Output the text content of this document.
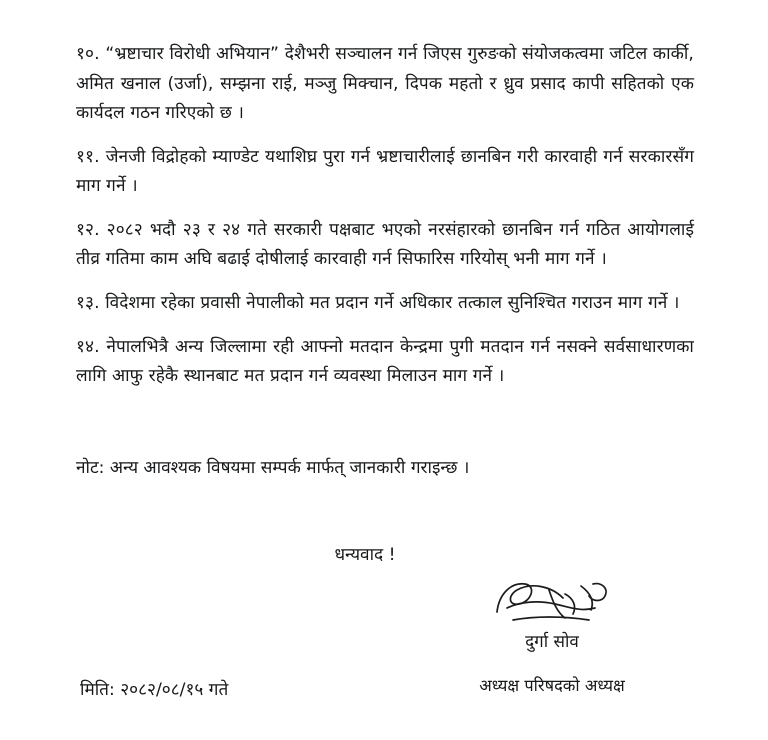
१०. “भ्रष्टाचार विरोधी अभियान” देशैभरी सञ्चालन गर्न जिएस गुरुङको संयोजकत्वमा जटिल कार्की, अमित खनाल (उर्जा), सम्झना राई, मञ्जु मिक्चान, दिपक महतो र ध्रुव प्रसाद कापी सहितको एक कार्यदल गठन गरिएको छ ।

११. जेनजी विद्रोहको म्याण्डेट यथाशिघ्र पुरा गर्न भ्रष्टाचारीलाई छानबिन गरी कारवाही गर्न सरकारसँग माग गर्ने ।

१२. २०८२ भदौ २३ र २४ गते सरकारी पक्षबाट भएको नरसंहारको छानबिन गर्न गठित आयोगलाई तीव्र गतिमा काम अघि बढाई दोषीलाई कारवाही गर्न सिफारिस गरियोस् भनी माग गर्ने ।

१३. विदेशमा रहेका प्रवासी नेपालीको मत प्रदान गर्ने अधिकार तत्काल सुनिश्चित गराउन माग गर्ने ।

१४. नेपालभित्रै अन्य जिल्लामा रही आफ्नो मतदान केन्द्रमा पुगी मतदान गर्न नसक्ने सर्वसाधारणका लागि आफु रहेकै स्थानबाट मत प्रदान गर्न व्यवस्था मिलाउन माग गर्ने ।

नोट: अन्य आवश्यक विषयमा सम्पर्क मार्फत् जानकारी गराइन्छ ।

धन्यवाद !

दुर्गा सोव
अध्यक्ष परिषदको अध्यक्ष
मिति: २०८२/०८/१५ गते
